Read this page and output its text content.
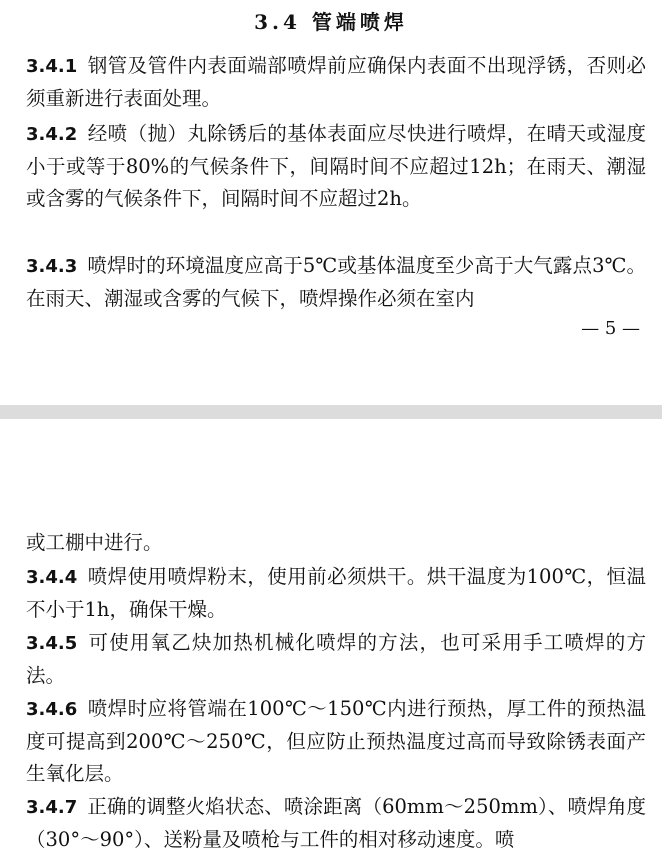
3.4 管端喷焊

3.4.1 钢管及管件内表面端部喷焊前应确保内表面不出现浮锈，否则必须重新进行表面处理。

3.4.2 经喷（抛）丸除锈后的基体表面应尽快进行喷焊，在晴天或湿度小于或等于80%的气候条件下，间隔时间不应超过12h；在雨天、潮湿或含雾的气候条件下，间隔时间不应超过2h。

3.4.3 喷焊时的环境温度应高于5℃或基体温度至少高于大气露点3℃。在雨天、潮湿或含雾的气候下，喷焊操作必须在室内

— 5 —

或工棚中进行。

3.4.4 喷焊使用喷焊粉末，使用前必须烘干。烘干温度为100℃，恒温不小于1h，确保干燥。

3.4.5 可使用氧乙炔加热机械化喷焊的方法，也可采用手工喷焊的方法。

3.4.6 喷焊时应将管端在100℃～150℃内进行预热，厚工件的预热温度可提高到200℃～250℃，但应防止预热温度过高而导致除锈表面产生氧化层。

3.4.7 正确的调整火焰状态、喷涂距离（60mm～250mm）、喷焊角度（30°～90°）、送粉量及喷枪与工件的相对移动速度。喷
